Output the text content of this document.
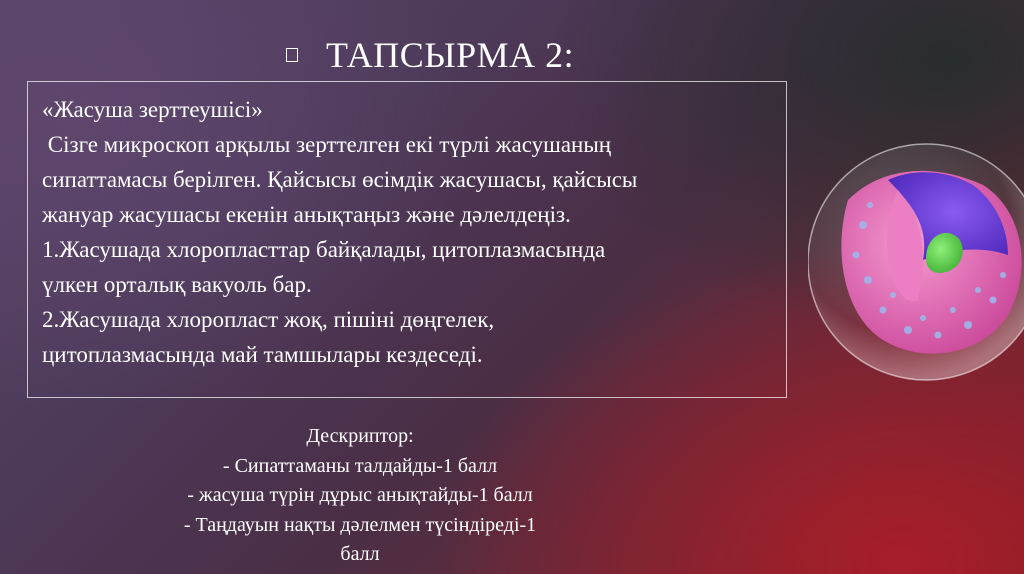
ТАПСЫРМА 2:

«Жасуша зерттеушісі»

Сізге микроскоп арқылы зерттелген екі түрлі жасушаның

сипаттамасы берілген. Қайсысы өсімдік жасушасы, қайсысы

жануар жасушасы екенін анықтаңыз және дәлелдеңіз.

1.Жасушада хлоропласттар байқалады, цитоплазмасында

үлкен орталық вакуоль бар.

2.Жасушада хлоропласт жоқ, пішіні дөңгелек,

цитоплазмасында май тамшылары кездеседі.

Дескриптор:
- Сипаттаманы талдайды-1 балл
- жасуша түрін дұрыс анықтайды-1 балл
- Таңдауын нақты дәлелмен түсіндіреді-1
балл
